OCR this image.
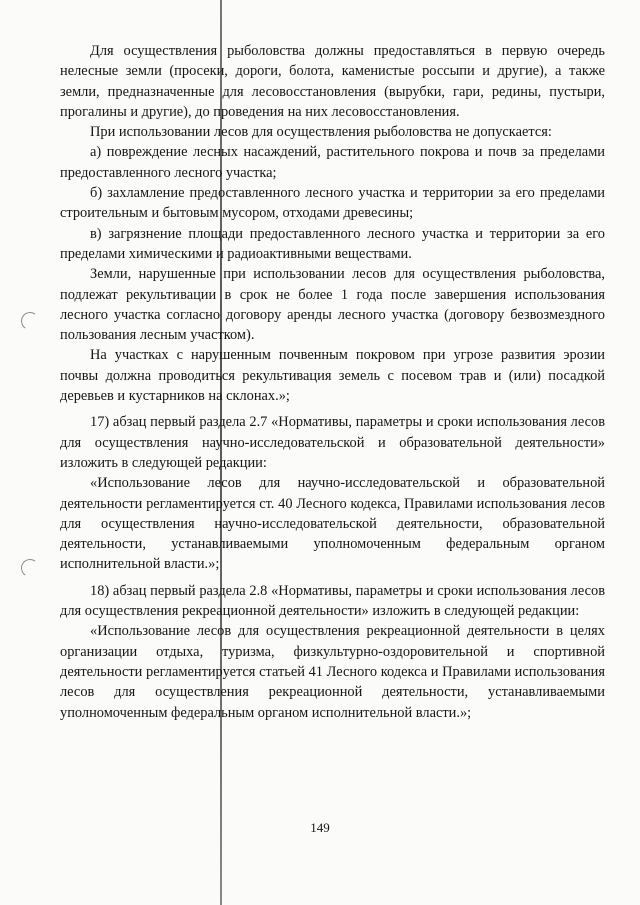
Для осуществления рыболовства должны предоставляться в первую очередь нелесные земли (просеки, дороги, болота, каменистые россыпи и другие), а также земли, предназначенные для лесовосстановления (вырубки, гари, редины, пустыри, прогалины и другие), до проведения на них лесовосстановления.

При использовании лесов для осуществления рыболовства не допускается:

а) повреждение лесных насаждений, растительного покрова и почв за пределами предоставленного лесного участка;

б) захламление предоставленного лесного участка и территории за его пределами строительным и бытовым мусором, отходами древесины;

в) загрязнение площади предоставленного лесного участка и территории за его пределами химическими и радиоактивными веществами.

Земли, нарушенные при использовании лесов для осуществления рыболовства, подлежат рекультивации в срок не более 1 года после завершения использования лесного участка согласно договору аренды лесного участка (договору безвозмездного пользования лесным участком).

На участках с нарушенным почвенным покровом при угрозе развития эрозии почвы должна проводиться рекультивация земель с посевом трав и (или) посадкой деревьев и кустарников на склонах.»;

17) абзац первый раздела 2.7 «Нормативы, параметры и сроки использования лесов для осуществления научно-исследовательской и образовательной деятельности» изложить в следующей редакции:

«Использование лесов для научно-исследовательской и образовательной деятельности регламентируется ст. 40 Лесного кодекса, Правилами использования лесов для осуществления научно-исследовательской деятельности, образовательной деятельности, устанавливаемыми уполномоченным федеральным органом исполнительной власти.»;

18) абзац первый раздела 2.8 «Нормативы, параметры и сроки использования лесов для осуществления рекреационной деятельности» изложить в следующей редакции:

«Использование лесов для осуществления рекреационной деятельности в целях организации отдыха, туризма, физкультурно-оздоровительной и спортивной деятельности регламентируется статьей 41 Лесного кодекса и Правилами использования лесов для осуществления рекреационной деятельности, устанавливаемыми уполномоченным федеральным органом исполнительной власти.»;

149
